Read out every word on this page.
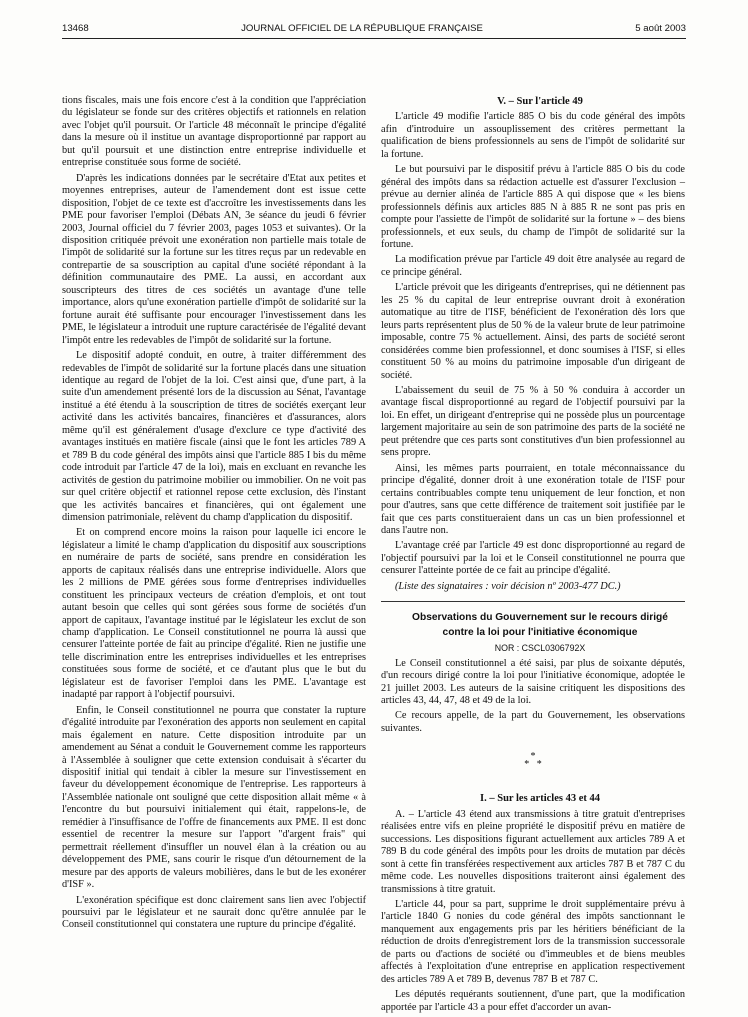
13468	JOURNAL OFFICIEL DE LA RÉPUBLIQUE FRANÇAISE	5 août 2003

tions fiscales, mais une fois encore c'est à la condition que l'appréciation du législateur se fonde sur des critères objectifs et rationnels en relation avec l'objet qu'il poursuit. Or l'article 48 méconnaît le principe d'égalité dans la mesure où il institue un avantage disproportionné par rapport au but qu'il poursuit et une distinction entre entreprise individuelle et entreprise constituée sous forme de société.

D'après les indications données par le secrétaire d'Etat aux petites et moyennes entreprises, auteur de l'amendement dont est issue cette disposition, l'objet de ce texte est d'accroître les investissements dans les PME pour favoriser l'emploi (Débats AN, 3e séance du jeudi 6 février 2003, Journal officiel du 7 février 2003, pages 1053 et suivantes). Or la disposition critiquée prévoit une exonération non partielle mais totale de l'impôt de solidarité sur la fortune sur les titres reçus par un redevable en contrepartie de sa souscription au capital d'une société répondant à la définition communautaire des PME. La aussi, en accordant aux souscripteurs des titres de ces sociétés un avantage d'une telle importance, alors qu'une exonération partielle d'impôt de solidarité sur la fortune aurait été suffisante pour encourager l'investissement dans les PME, le législateur a introduit une rupture caractérisée de l'égalité devant l'impôt entre les redevables de l'impôt de solidarité sur la fortune.

Le dispositif adopté conduit, en outre, à traiter différemment des redevables de l'impôt de solidarité sur la fortune placés dans une situation identique au regard de l'objet de la loi. C'est ainsi que, d'une part, à la suite d'un amendement présenté lors de la discussion au Sénat, l'avantage institué a été étendu à la souscription de titres de sociétés exerçant leur activité dans les activités bancaires, financières et d'assurances, alors même qu'il est généralement d'usage d'exclure ce type d'activité des avantages institués en matière fiscale (ainsi que le font les articles 789 A et 789 B du code général des impôts ainsi que l'article 885 I bis du même code introduit par l'article 47 de la loi), mais en excluant en revanche les activités de gestion du patrimoine mobilier ou immobilier. On ne voit pas sur quel critère objectif et rationnel repose cette exclusion, dès l'instant que les activités bancaires et financières, qui ont également une dimension patrimoniale, relèvent du champ d'application du dispositif.

Et on comprend encore moins la raison pour laquelle ici encore le législateur a limité le champ d'application du dispositif aux souscriptions en numéraire de parts de société, sans prendre en considération les apports de capitaux réalisés dans une entreprise individuelle. Alors que les 2 millions de PME gérées sous forme d'entreprises individuelles constituent les principaux vecteurs de création d'emplois, et ont tout autant besoin que celles qui sont gérées sous forme de sociétés d'un apport de capitaux, l'avantage institué par le législateur les exclut de son champ d'application. Le Conseil constitutionnel ne pourra là aussi que censurer l'atteinte portée de fait au principe d'égalité. Rien ne justifie une telle discrimination entre les entreprises individuelles et les entreprises constituées sous forme de société, et ce d'autant plus que le but du législateur est de favoriser l'emploi dans les PME. L'avantage est inadapté par rapport à l'objectif poursuivi.

Enfin, le Conseil constitutionnel ne pourra que constater la rupture d'égalité introduite par l'exonération des apports non seulement en capital mais également en nature. Cette disposition introduite par un amendement au Sénat a conduit le Gouvernement comme les rapporteurs à l'Assemblée à souligner que cette extension conduisait à s'écarter du dispositif initial qui tendait à cibler la mesure sur l'investissement en faveur du développement économique de l'entreprise. Les rapporteurs à l'Assemblée nationale ont souligné que cette disposition allait même « à l'encontre du but poursuivi initialement qui était, rappelons-le, de remédier à l'insuffisance de l'offre de financements aux PME. Il est donc essentiel de recentrer la mesure sur l'apport "d'argent frais" qui permettrait réellement d'insuffler un nouvel élan à la création ou au développement des PME, sans courir le risque d'un détournement de la mesure par des apports de valeurs mobilières, dans le but de les exonérer d'ISF ».

L'exonération spécifique est donc clairement sans lien avec l'objectif poursuivi par le législateur et ne saurait donc qu'être annulée par le Conseil constitutionnel qui constatera une rupture du principe d'égalité.

V. – Sur l'article 49

L'article 49 modifie l'article 885 O bis du code général des impôts afin d'introduire un assouplissement des critères permettant la qualification de biens professionnels au sens de l'impôt de solidarité sur la fortune.

Le but poursuivi par le dispositif prévu à l'article 885 O bis du code général des impôts dans sa rédaction actuelle est d'assurer l'exclusion – prévue au dernier alinéa de l'article 885 A qui dispose que « les biens professionnels définis aux articles 885 N à 885 R ne sont pas pris en compte pour l'assiette de l'impôt de solidarité sur la fortune » – des biens professionnels, et eux seuls, du champ de l'impôt de solidarité sur la fortune.

La modification prévue par l'article 49 doit être analysée au regard de ce principe général.

L'article prévoit que les dirigeants d'entreprises, qui ne détiennent pas les 25 % du capital de leur entreprise ouvrant droit à exonération automatique au titre de l'ISF, bénéficient de l'exonération dès lors que leurs parts représentent plus de 50 % de la valeur brute de leur patrimoine imposable, contre 75 % actuellement. Ainsi, des parts de société seront considérées comme bien professionnel, et donc soumises à l'ISF, si elles constituent 50 % au moins du patrimoine imposable d'un dirigeant de société.

L'abaissement du seuil de 75 % à 50 % conduira à accorder un avantage fiscal disproportionné au regard de l'objectif poursuivi par la loi. En effet, un dirigeant d'entreprise qui ne possède plus un pourcentage largement majoritaire au sein de son patrimoine des parts de la société ne peut prétendre que ces parts sont constitutives d'un bien professionnel au sens propre.

Ainsi, les mêmes parts pourraient, en totale méconnaissance du principe d'égalité, donner droit à une exonération totale de l'ISF pour certains contribuables compte tenu uniquement de leur fonction, et non pour d'autres, sans que cette différence de traitement soit justifiée par le fait que ces parts constitueraient dans un cas un bien professionnel et dans l'autre non.

L'avantage créé par l'article 49 est donc disproportionné au regard de l'objectif poursuivi par la loi et le Conseil constitutionnel ne pourra que censurer l'atteinte portée de ce fait au principe d'égalité.

(Liste des signataires : voir décision nº 2003-477 DC.)

Observations du Gouvernement sur le recours dirigé

contre la loi pour l'initiative économique

NOR : CSCL0306792X

Le Conseil constitutionnel a été saisi, par plus de soixante députés, d'un recours dirigé contre la loi pour l'initiative économique, adoptée le 21 juillet 2003. Les auteurs de la saisine critiquent les dispositions des articles 43, 44, 47, 48 et 49 de la loi.

Ce recours appelle, de la part du Gouvernement, les observations suivantes.

*
*   *

I. – Sur les articles 43 et 44

A. – L'article 43 étend aux transmissions à titre gratuit d'entreprises réalisées entre vifs en pleine propriété le dispositif prévu en matière de successions. Les dispositions figurant actuellement aux articles 789 A et 789 B du code général des impôts pour les droits de mutation par décès sont à cette fin transférées respectivement aux articles 787 B et 787 C du même code. Les nouvelles dispositions traiteront ainsi également des transmissions à titre gratuit.

L'article 44, pour sa part, supprime le droit supplémentaire prévu à l'article 1840 G nonies du code général des impôts sanctionnant le manquement aux engagements pris par les héritiers bénéficiant de la réduction de droits d'enregistrement lors de la transmission successorale de parts ou d'actions de société ou d'immeubles et de biens meubles affectés à l'exploitation d'une entreprise en application respectivement des articles 789 A et 789 B, devenus 787 B et 787 C.

Les députés requérants soutiennent, d'une part, que la modification apportée par l'article 43 a pour effet d'accorder un avan-
